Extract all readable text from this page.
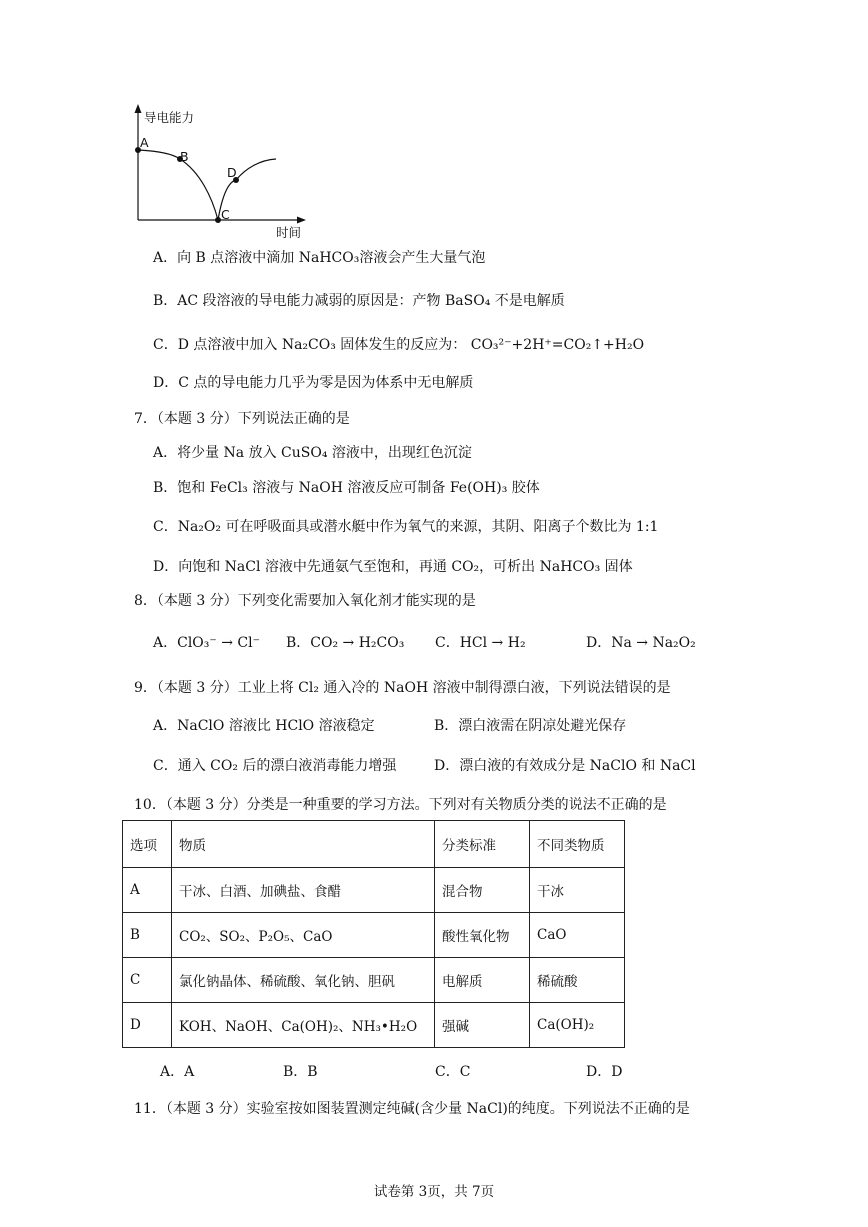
导电能力
时间
A
B
C
D
A．向 B 点溶液中滴加 NaHCO₃溶液会产生大量气泡
B．AC 段溶液的导电能力减弱的原因是：产物 BaSO₄ 不是电解质
C．D 点溶液中加入 Na₂CO₃ 固体发生的反应为： CO₃²⁻+2H⁺=CO₂↑+H₂O
D．C 点的导电能力几乎为零是因为体系中无电解质
7．（本题 3 分）下列说法正确的是
A．将少量 Na 放入 CuSO₄ 溶液中，出现红色沉淀
B．饱和 FeCl₃ 溶液与 NaOH 溶液反应可制备 Fe(OH)₃ 胶体
C．Na₂O₂ 可在呼吸面具或潜水艇中作为氧气的来源，其阴、阳离子个数比为 1:1
D．向饱和 NaCl 溶液中先通氨气至饱和，再通 CO₂，可析出 NaHCO₃ 固体
8．（本题 3 分）下列变化需要加入氧化剂才能实现的是
A．ClO₃⁻ → Cl⁻ B．CO₂ → H₂CO₃ C．HCl → H₂	D．Na → Na₂O₂
9．（本题 3 分）工业上将 Cl₂ 通入冷的 NaOH 溶液中制得漂白液，下列说法错误的是
A．NaClO 溶液比 HClO 溶液稳定	B．漂白液需在阴凉处避光保存
C．通入 CO₂ 后的漂白液消毒能力增强	D．漂白液的有效成分是 NaClO 和 NaCl
10．（本题 3 分）分类是一种重要的学习方法。下列对有关物质分类的说法不正确的是
选项	物质	分类标准	不同类物质
A	干冰、白酒、加碘盐、食醋	混合物	干冰
B	CO₂、SO₂、P₂O₅、CaO	酸性氧化物	CaO
C	氯化钠晶体、稀硫酸、氧化钠、胆矾	电解质	稀硫酸
D	KOH、NaOH、Ca(OH)₂、NH₃•H₂O	强碱	Ca(OH)₂
A．A	B．B	C．C	D．D
11．（本题 3 分）实验室按如图装置测定纯碱(含少量 NaCl)的纯度。下列说法不正确的是
试卷第 3页，共 7页
